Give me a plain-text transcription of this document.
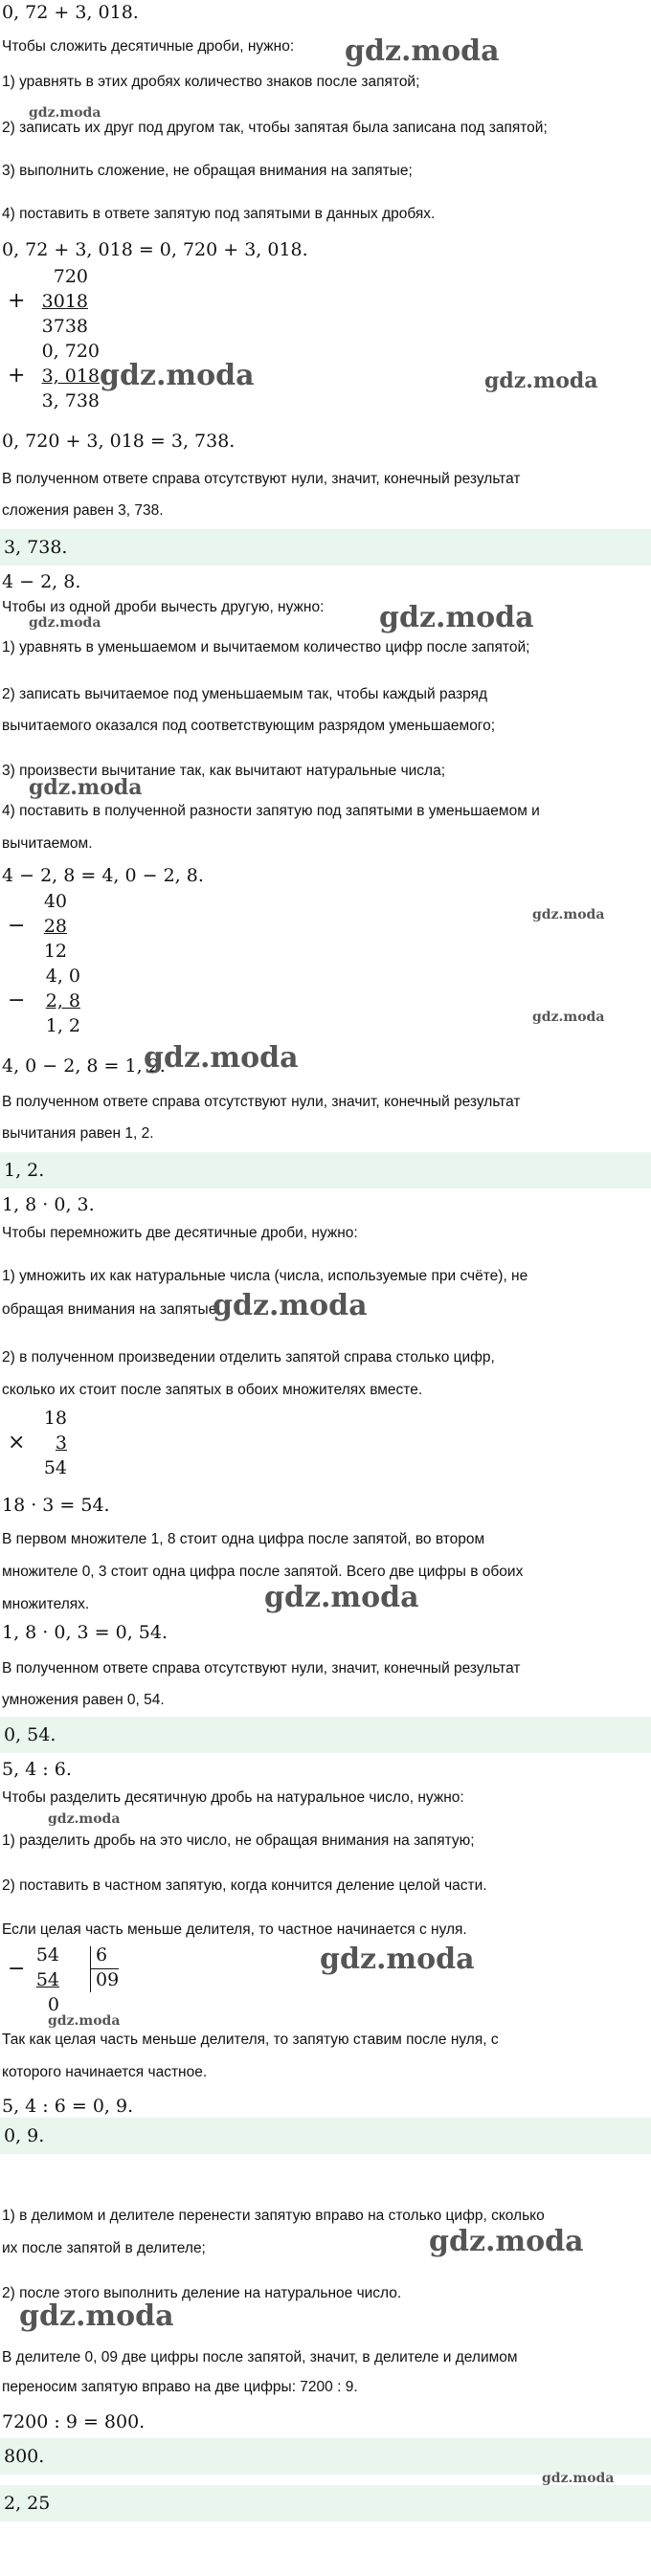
0, 72 + 3, 018.
Чтобы сложить десятичные дроби, нужно:
1) уравнять в этих дробях количество знаков после запятой;
2) записать их друг под другом так, чтобы запятая была записана под запятой;
3) выполнить сложение, не обращая внимания на запятые;
4) поставить в ответе запятую под запятыми в данных дробях.
0, 72 + 3, 018 = 0, 720 + 3, 018.
+
720
3018
3738
+
0, 720
3, 018
3, 738
0, 720 + 3, 018 = 3, 738.
В полученном ответе справа отсутствуют нули, значит, конечный результат
сложения равен 3, 738.
3, 738.
4 − 2, 8.
Чтобы из одной дроби вычесть другую, нужно:
1) уравнять в уменьшаемом и вычитаемом количество цифр после запятой;
2) записать вычитаемое под уменьшаемым так, чтобы каждый разряд
вычитаемого оказался под соответствующим разрядом уменьшаемого;
3) произвести вычитание так, как вычитают натуральные числа;
4) поставить в полученной разности запятую под запятыми в уменьшаемом и
вычитаемом.
4 − 2, 8 = 4, 0 − 2, 8.
−
40
28
12
−
4, 0
2, 8
1, 2
4, 0 − 2, 8 = 1, 2.
В полученном ответе справа отсутствуют нули, значит, конечный результат
вычитания равен 1, 2.
1, 2.
1, 8 · 0, 3.
Чтобы перемножить две десятичные дроби, нужно:
1) умножить их как натуральные числа (числа, используемые при счёте), не
обращая внимания на запятые;
2) в полученном произведении отделить запятой справа столько цифр,
сколько их стоит после запятых в обоих множителях вместе.
×
18
3
54
18 · 3 = 54.
В первом множителе 1, 8 стоит одна цифра после запятой, во втором
множителе 0, 3 стоит одна цифра после запятой. Всего две цифры в обоих
множителях.
1, 8 · 0, 3 = 0, 54.
В полученном ответе справа отсутствуют нули, значит, конечный результат
умножения равен 0, 54.
0, 54.
5, 4 : 6.
Чтобы разделить десятичную дробь на натуральное число, нужно:
1) разделить дробь на это число, не обращая внимания на запятую;
2) поставить в частном запятую, когда кончится деление целой части.
Если целая часть меньше делителя, то частное начинается с нуля.
−
54
54
0
6
09
Так как целая часть меньше делителя, то запятую ставим после нуля, с
которого начинается частное.
5, 4 : 6 = 0, 9.
0, 9.
1) в делимом и делителе перенести запятую вправо на столько цифр, сколько
их после запятой в делителе;
2) после этого выполнить деление на натуральное число.
В делителе 0, 09 две цифры после запятой, значит, в делителе и делимом
переносим запятую вправо на две цифры: 7200 : 9.
7200 : 9 = 800.
800.
2, 25
gdz.moda
gdz.moda
gdz.moda	gdz.moda
gdz.moda	gdz.moda
gdz.moda
gdz.moda
gdz.moda
gdz.moda
gdz.moda
gdz.moda
gdz.moda
gdz.moda
gdz.moda
gdz.moda
gdz.moda
gdz.moda
